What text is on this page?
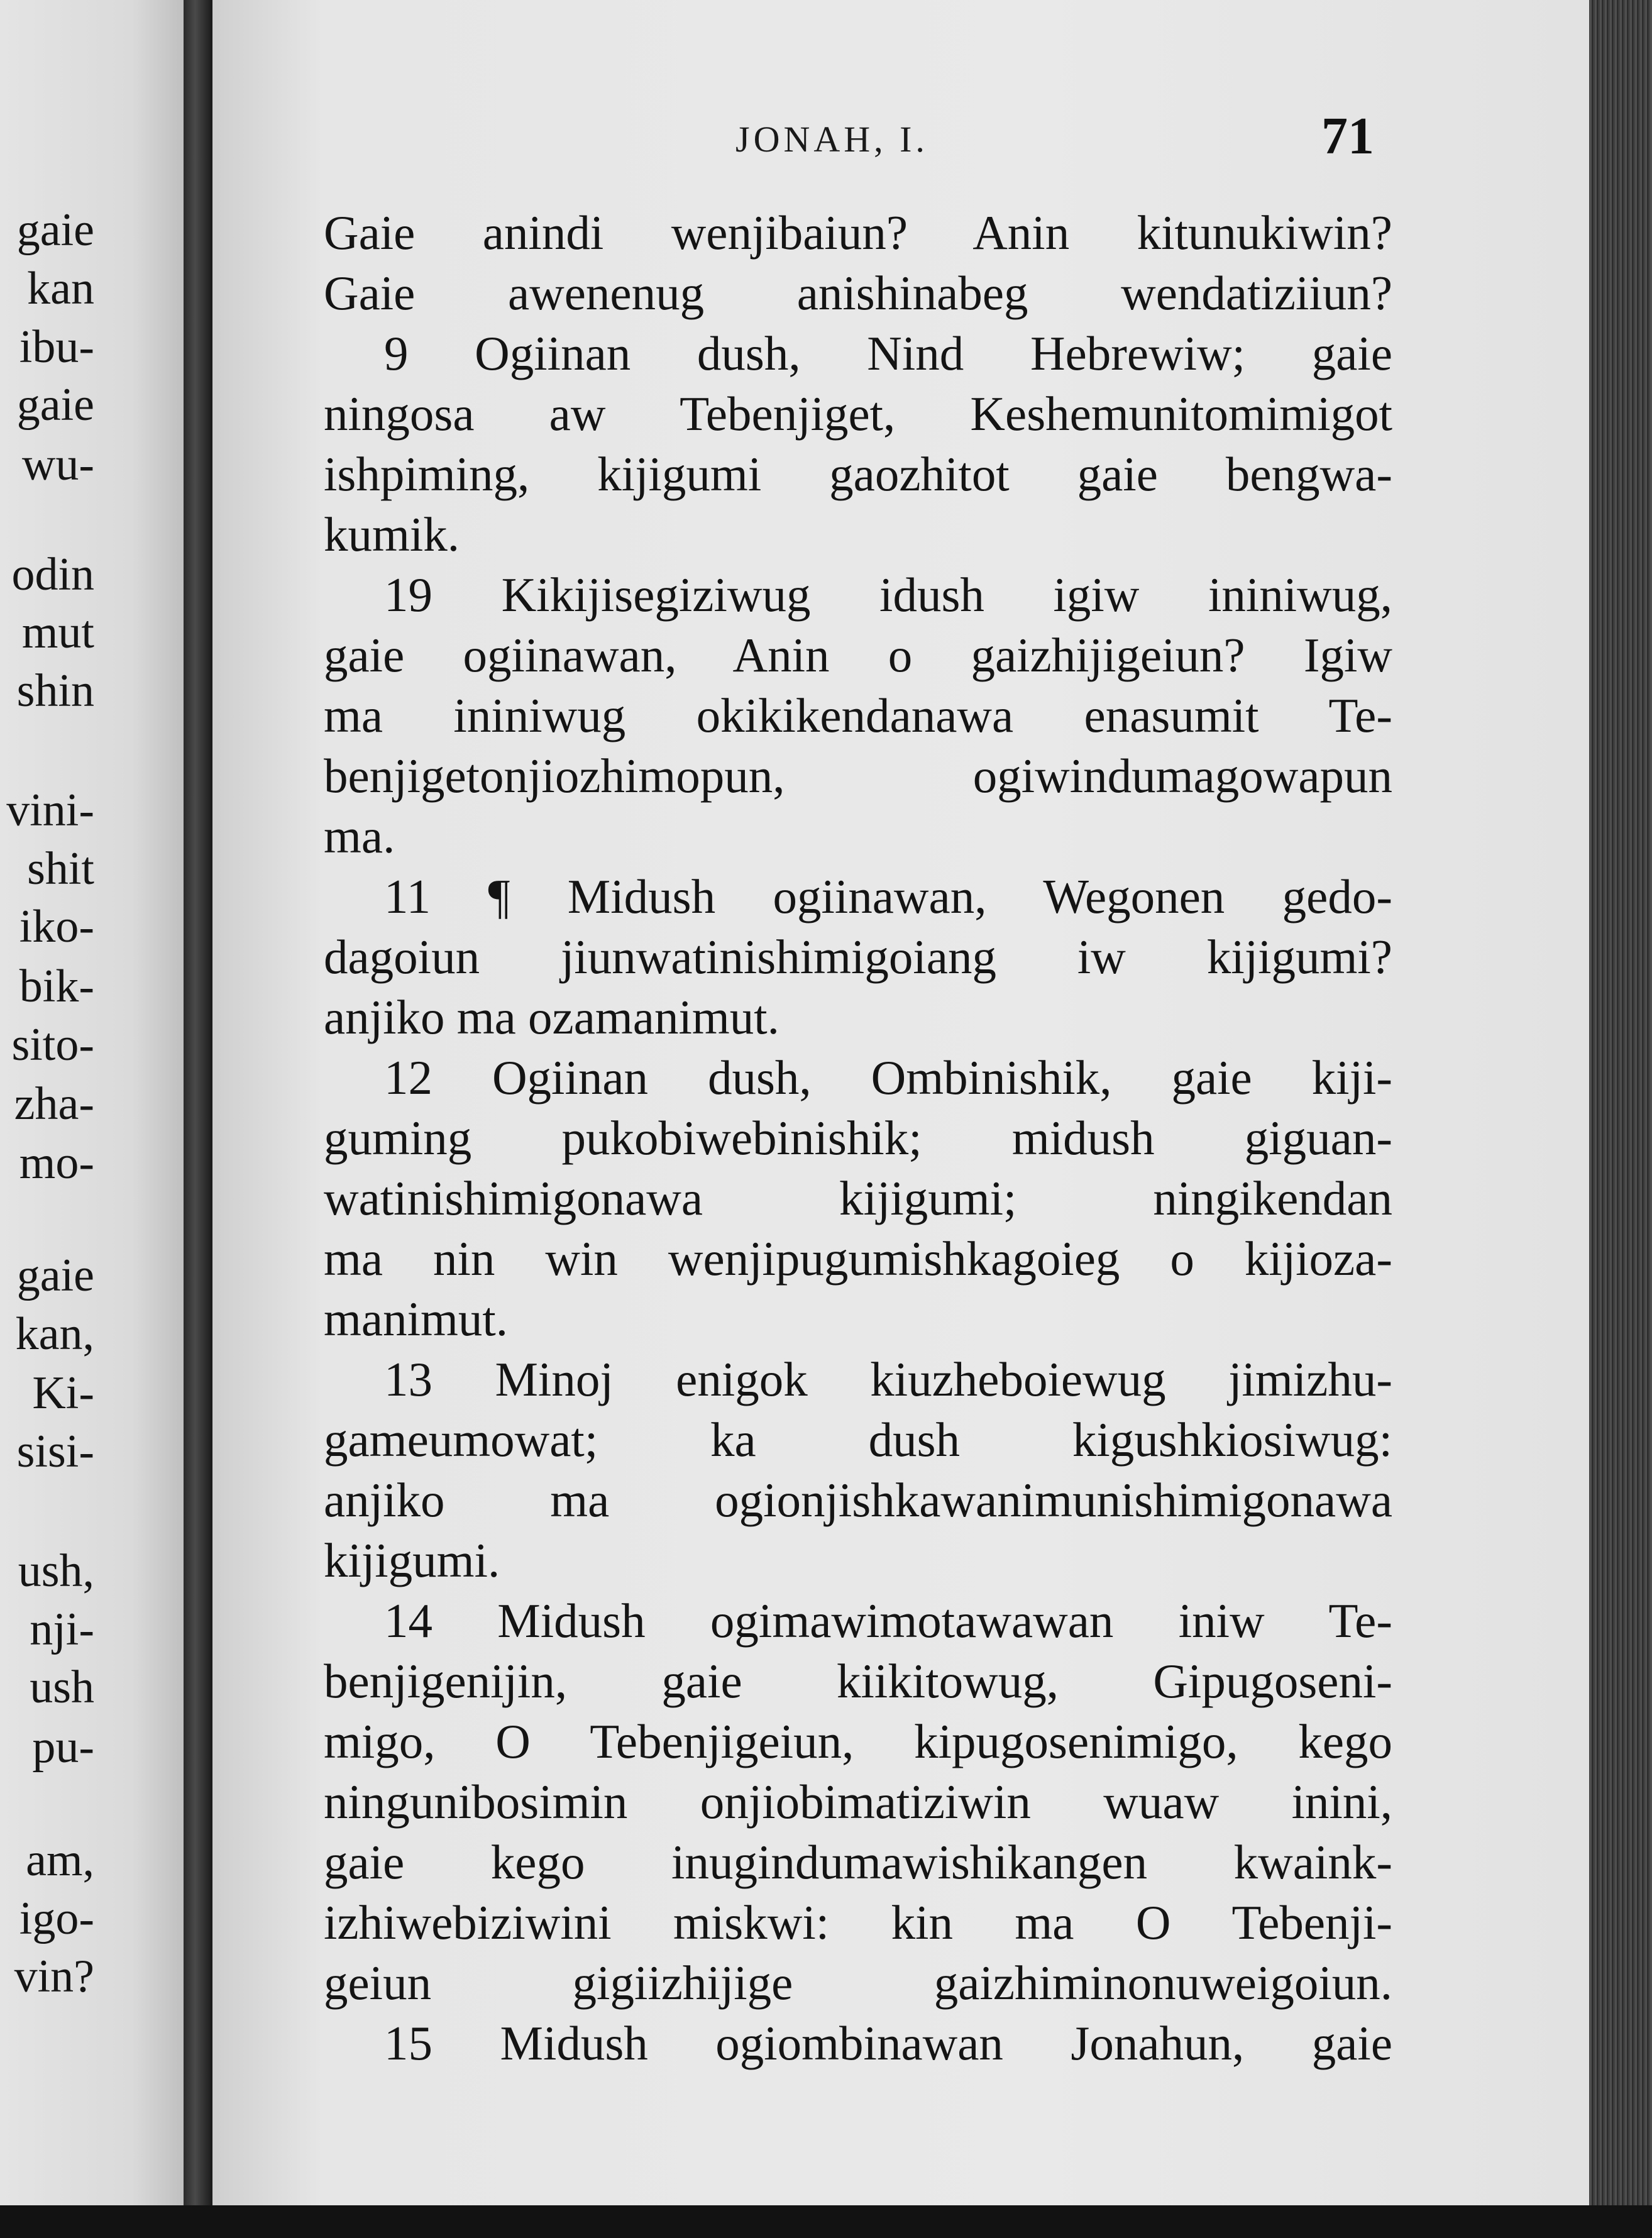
gaie
kan
ibu-
gaie
wu-
odin
mut
shin
vini-
shit
iko-
bik-
sito-
zha-
mo-
gaie
kan,
Ki-
sisi-
ush,
nji-
ush
pu-
am,
igo-
vin?
JONAH, I.	71
Gaie anindi wenjibaiun? Anin kitunukiwin?
Gaie awenenug anishinabeg wendatiziiun?
9 Ogiinan dush, Nind Hebrewiw; gaie
ningosa aw Tebenjiget, Keshemunitomimigot
ishpiming, kijigumi gaozhitot gaie bengwa-
kumik.
19 Kikijisegiziwug idush igiw ininiwug,
gaie ogiinawan, Anin o gaizhijigeiun? Igiw
ma ininiwug okikikendanawa enasumit Te-
benjigetonjiozhimopun, ogiwindumagowapun
ma.
11 ¶ Midush ogiinawan, Wegonen gedo-
dagoiun jiunwatinishimigoiang iw kijigumi?
anjiko ma ozamanimut.
12 Ogiinan dush, Ombinishik, gaie kiji-
guming pukobiwebinishik; midush giguan-
watinishimigonawa kijigumi; ningikendan
ma nin win wenjipugumishkagoieg o kijioza-
manimut.
13 Minoj enigok kiuzheboiewug jimizhu-
gameumowat; ka dush kigushkiosiwug:
anjiko ma ogionjishkawanimunishimigonawa
kijigumi.
14 Midush ogimawimotawawan iniw Te-
benjigenijin, gaie kiikitowug, Gipugoseni-
migo, O Tebenjigeiun, kipugosenimigo, kego
ningunibosimin onjiobimatiziwin wuaw inini,
gaie kego inugindumawishikangen kwaink-
izhiwebiziwini miskwi: kin ma O Tebenji-
geiun gigiizhijige gaizhiminonuweigoiun.
15 Midush ogiombinawan Jonahun, gaie
